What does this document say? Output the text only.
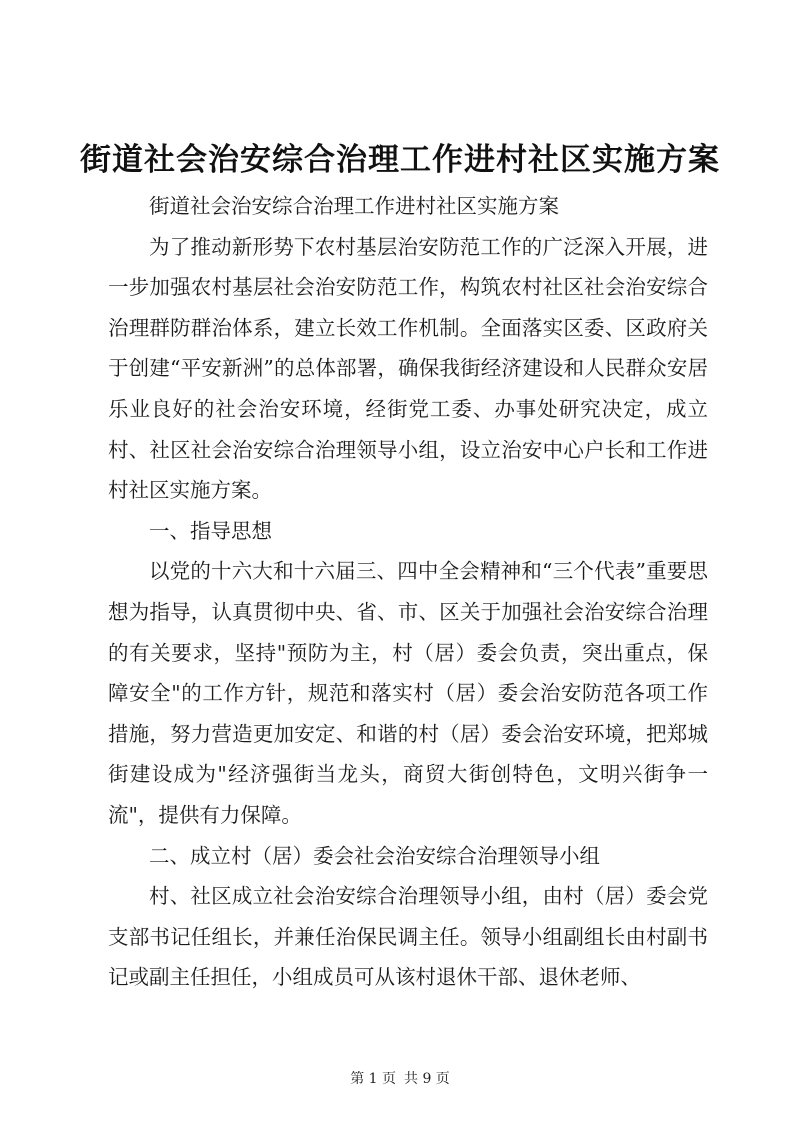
街道社会治安综合治理工作进村社区实施方案

街道社会治安综合治理工作进村社区实施方案

为了推动新形势下农村基层治安防范工作的广泛深入开展，进一步加强农村基层社会治安防范工作，构筑农村社区社会治安综合治理群防群治体系，建立长效工作机制。全面落实区委、区政府关于创建“平安新洲”的总体部署，确保我街经济建设和人民群众安居乐业良好的社会治安环境，经街党工委、办事处研究决定，成立村、社区社会治安综合治理领导小组，设立治安中心户长和工作进村社区实施方案。

一、指导思想

以党的十六大和十六届三、四中全会精神和“三个代表”重要思想为指导，认真贯彻中央、省、市、区关于加强社会治安综合治理的有关要求，坚持"预防为主，村（居）委会负责，突出重点，保障安全"的工作方针，规范和落实村（居）委会治安防范各项工作措施，努力营造更加安定、和谐的村（居）委会治安环境，把郑城街建设成为"经济强街当龙头，商贸大街创特色，文明兴街争一流"，提供有力保障。

二、成立村（居）委会社会治安综合治理领导小组

村、社区成立社会治安综合治理领导小组，由村（居）委会党支部书记任组长，并兼任治保民调主任。领导小组副组长由村副书记或副主任担任，小组成员可从该村退休干部、退休老师、

第 1 页 共 9 页
